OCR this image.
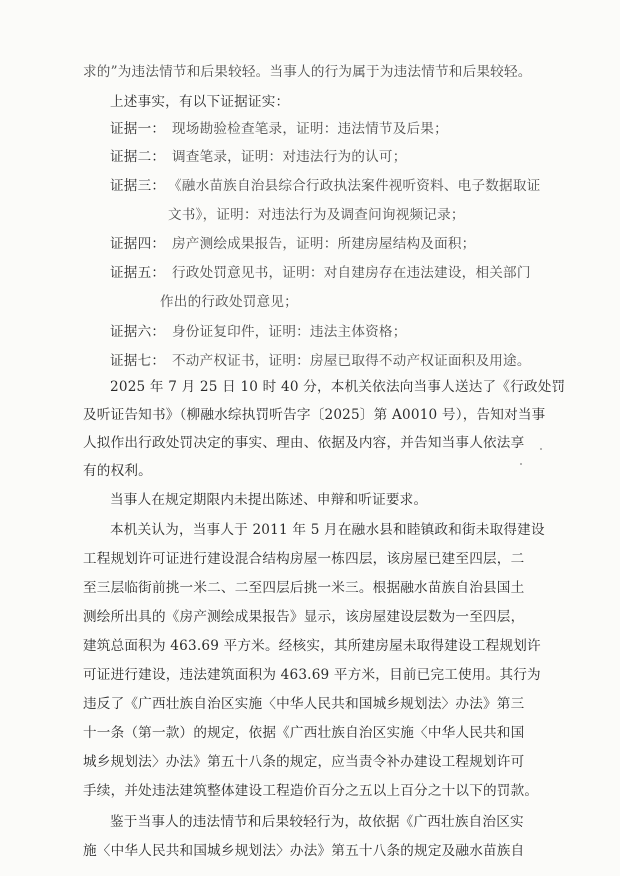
求的”为违法情节和后果较轻。当事人的行为属于为违法情节和后果较轻。
上述事实，有以下证据证实：
证据一： 现场勘验检查笔录，证明：违法情节及后果；
证据二： 调查笔录，证明：对违法行为的认可；
证据三： 《融水苗族自治县综合行政执法案件视听资料、电子数据取证
文书》，证明：对违法行为及调查问询视频记录；
证据四： 房产测绘成果报告，证明：所建房屋结构及面积；
证据五： 行政处罚意见书，证明：对自建房存在违法建设，相关部门
作出的行政处罚意见；
证据六： 身份证复印件，证明：违法主体资格；
证据七： 不动产权证书，证明：房屋已取得不动产权证面积及用途。
2025 年 7 月 25 日 10 时 40 分，本机关依法向当事人送达了《行政处罚
及听证告知书》（柳融水综执罚听告字〔2025〕第 A0010 号），告知对当事
人拟作出行政处罚决定的事实、理由、依据及内容，并告知当事人依法享
有的权利。
当事人在规定期限内未提出陈述、申辩和听证要求。
本机关认为，当事人于 2011 年 5 月在融水县和睦镇政和街未取得建设
工程规划许可证进行建设混合结构房屋一栋四层，该房屋已建至四层，二
至三层临街前挑一米二、二至四层后挑一米三。根据融水苗族自治县国土
测绘所出具的《房产测绘成果报告》显示，该房屋建设层数为一至四层，
建筑总面积为 463.69 平方米。经核实，其所建房屋未取得建设工程规划许
可证进行建设，违法建筑面积为 463.69 平方米，目前已完工使用。其行为
违反了《广西壮族自治区实施〈中华人民共和国城乡规划法〉办法》第三
十一条（第一款）的规定，依据《广西壮族自治区实施〈中华人民共和国
城乡规划法〉办法》第五十八条的规定，应当责令补办建设工程规划许可
手续，并处违法建筑整体建设工程造价百分之五以上百分之十以下的罚款。
鉴于当事人的违法情节和后果较轻行为，故依据《广西壮族自治区实
施〈中华人民共和国城乡规划法〉办法》第五十八条的规定及融水苗族自
